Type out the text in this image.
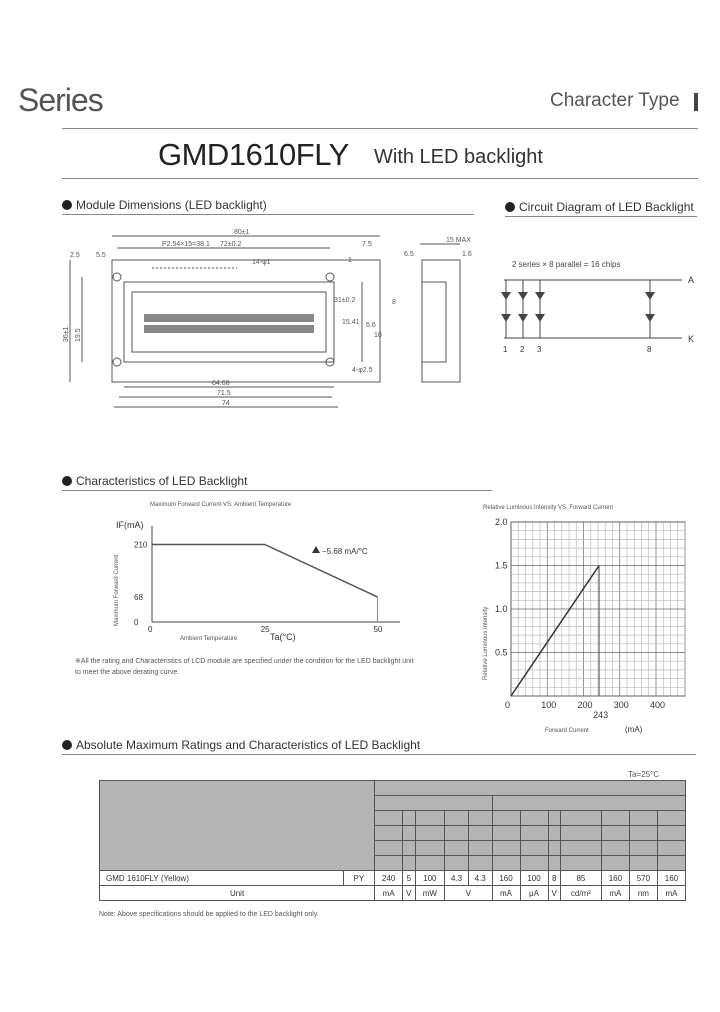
Series	Character Type
GMD1610FLY With LED backlight
Module Dimensions (LED backlight)	Circuit Diagram of LED Backlight
80±1
P2.54×15=38.1 72±0.2
14-φ1
5.5
2.5
31±0.2
15.41 6.6
10
4-φ2.5
64.68
71.5
74
15 MAX
1.6
6.5
8
1
7.5
36±1 19.5
2 series × 8 parallel = 16 chips
A
K
1 2 3	8
Characteristics of LED Backlight
Maximum Forward Current VS. Ambient Temperature
IF(mA)
Maximum Forward Current
Ambient Temperature	Ta(°C)
−5.68 mA/°C
0	25	50
0
68
210
※All the rating and Characteristics of LCD module are specified under the condition for the LED backlight unit to meet the above derating curve.
Relative Luminous Intensity VS. Forward Current
Relative Luminous Intensity
Forward Current	(mA)
0	100 200 300 400
0.5
1.0
1.5
2.0
243
Absolute Maximum Ratings and Characteristics of LED Backlight
Ta=25°C

GMD 1610FLY (Yellow)	PY	240	5	100	4.3	4.3	160	100	8	85	160	570	160
Unit		mA	V	mW	V		mA	μA	V	cd/m²	mA	nm	mA
Note: Above specifications should be applied to the LED backlight only.
